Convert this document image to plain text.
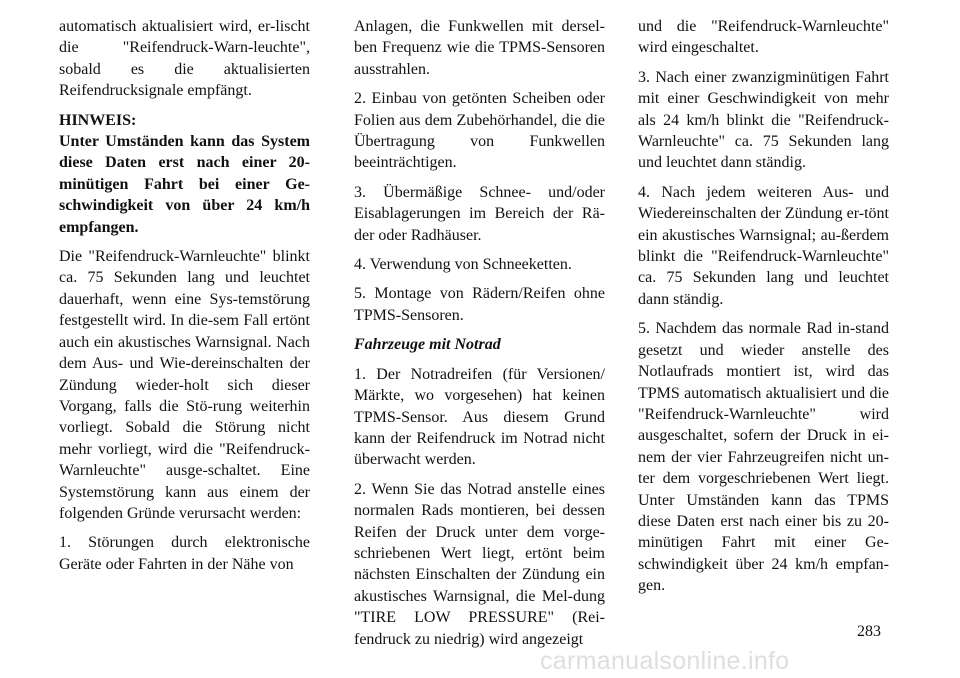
automatisch aktualisiert wird, er-lischt die "Reifendruck-Warn-leuchte", sobald es die aktualisierten Reifendrucksignale empfängt.

HINWEIS:

Unter Umständen kann das System diese Daten erst nach einer 20-minütigen Fahrt bei einer Ge-schwindigkeit von über 24 km/h empfangen.

Die "Reifendruck-Warnleuchte" blinkt ca. 75 Sekunden lang und leuchtet dauerhaft, wenn eine Sys-temstörung festgestellt wird. In die-sem Fall ertönt auch ein akustisches Warnsignal. Nach dem Aus- und Wie-dereinschalten der Zündung wieder-holt sich dieser Vorgang, falls die Stö-rung weiterhin vorliegt. Sobald die Störung nicht mehr vorliegt, wird die "Reifendruck-Warnleuchte" ausge-schaltet. Eine Systemstörung kann aus einem der folgenden Gründe verursacht werden:

1. Störungen durch elektronische Geräte oder Fahrten in der Nähe von

Anlagen, die Funkwellen mit dersel-ben Frequenz wie die TPMS-Sensoren ausstrahlen.

2. Einbau von getönten Scheiben oder Folien aus dem Zubehörhandel, die die Übertragung von Funkwellen beeinträchtigen.

3. Übermäßige Schnee- und/oder Eisablagerungen im Bereich der Rä-der oder Radhäuser.

4. Verwendung von Schneeketten.

5. Montage von Rädern/Reifen ohne TPMS-Sensoren.

Fahrzeuge mit Notrad

1. Der Notradreifen (für Versionen/ Märkte, wo vorgesehen) hat keinen TPMS-Sensor. Aus diesem Grund kann der Reifendruck im Notrad nicht überwacht werden.

2. Wenn Sie das Notrad anstelle eines normalen Rads montieren, bei dessen Reifen der Druck unter dem vorge-schriebenen Wert liegt, ertönt beim nächsten Einschalten der Zündung ein akustisches Warnsignal, die Mel-dung "TIRE LOW PRESSURE" (Rei-fendruck zu niedrig) wird angezeigt

und die "Reifendruck-Warnleuchte" wird eingeschaltet.

3. Nach einer zwanzigminütigen Fahrt mit einer Geschwindigkeit von mehr als 24 km/h blinkt die "Reifendruck-Warnleuchte" ca. 75 Sekunden lang und leuchtet dann ständig.

4. Nach jedem weiteren Aus- und Wiedereinschalten der Zündung er-tönt ein akustisches Warnsignal; au-ßerdem blinkt die "Reifendruck-Warnleuchte" ca. 75 Sekunden lang und leuchtet dann ständig.

5. Nachdem das normale Rad in-stand gesetzt und wieder anstelle des Notlaufrads montiert ist, wird das TPMS automatisch aktualisiert und die "Reifendruck-Warnleuchte" wird ausgeschaltet, sofern der Druck in ei-nem der vier Fahrzeugreifen nicht un-ter dem vorgeschriebenen Wert liegt. Unter Umständen kann das TPMS diese Daten erst nach einer bis zu 20-minütigen Fahrt mit einer Ge-schwindigkeit über 24 km/h empfan-gen.

283
carmanualsonline.info
